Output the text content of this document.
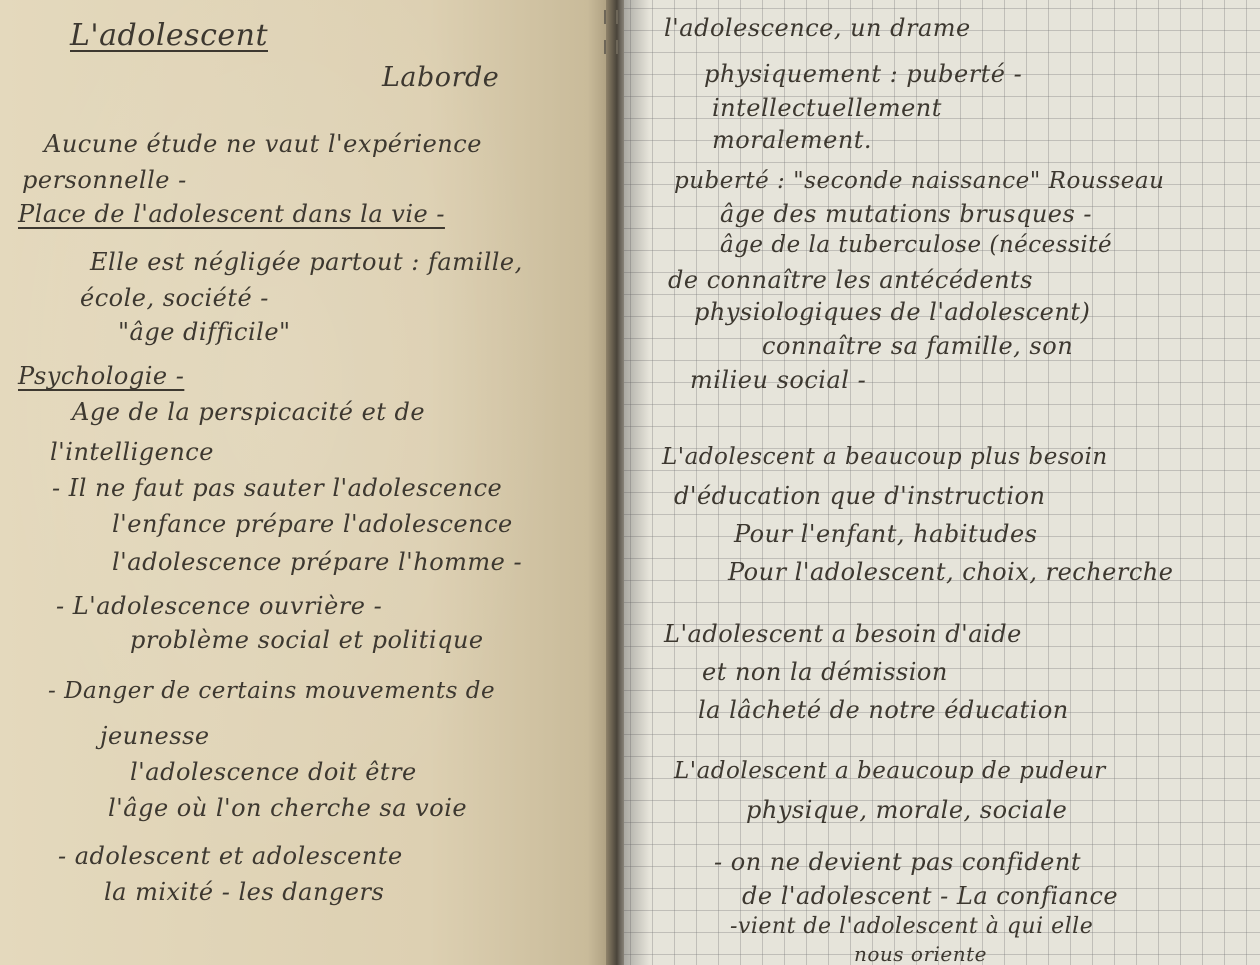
L'adolescent
Laborde
Aucune étude ne vaut l'expérience
personnelle -
Place de l'adolescent dans la vie -
Elle est négligée partout : famille,
école, société -
"âge difficile"
Psychologie -
Age de la perspicacité et de
l'intelligence
- Il ne faut pas sauter l'adolescence
l'enfance prépare l'adolescence
l'adolescence prépare l'homme -
- L'adolescence ouvrière -
problème social et politique
- Danger de certains mouvements de
jeunesse
l'adolescence doit être
l'âge où l'on cherche sa voie
- adolescent et adolescente
la mixité - les dangers
l'adolescence, un drame
physiquement : puberté -
intellectuellement
moralement.
puberté : "seconde naissance" Rousseau
âge des mutations brusques -
âge de la tuberculose (nécessité
de connaître les antécédents
physiologiques de l'adolescent)
connaître sa famille, son
milieu social -
L'adolescent a beaucoup plus besoin
d'éducation que d'instruction
Pour l'enfant, habitudes
Pour l'adolescent, choix, recherche
L'adolescent a besoin d'aide
et non la démission
la lâcheté de notre éducation
L'adolescent a beaucoup de pudeur
physique, morale, sociale
- on ne devient pas confident
de l'adolescent - La confiance
-vient de l'adolescent à qui elle
nous oriente
